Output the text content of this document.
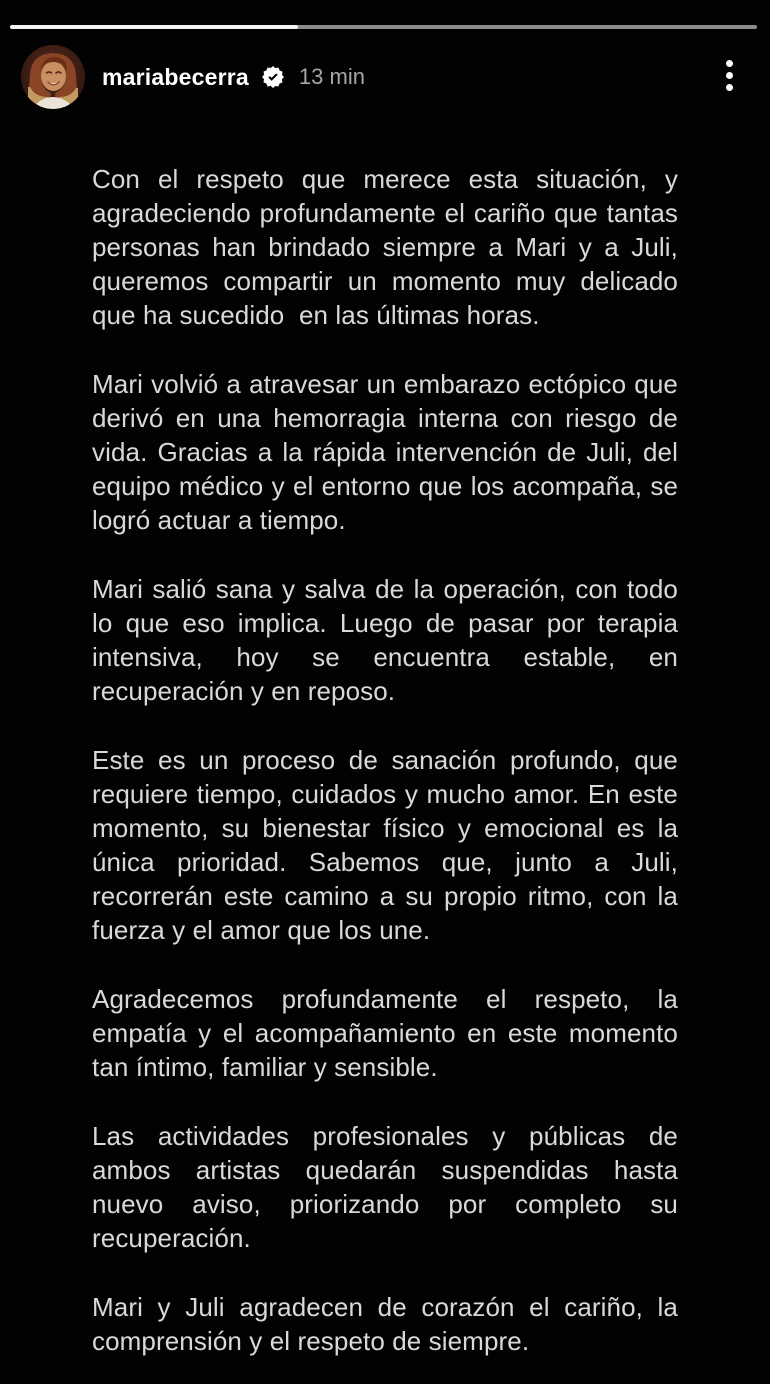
mariabecerra 13 min

Con el respeto que merece esta situación, y agradeciendo profundamente el cariño que tantas personas han brindado siempre a Mari y a Juli, queremos compartir un momento muy delicado que ha sucedido  en las últimas horas.

Mari volvió a atravesar un embarazo ectópico que derivó en una hemorragia interna con riesgo de vida. Gracias a la rápida intervención de Juli, del equipo médico y el entorno que los acompaña, se logró actuar a tiempo.

Mari salió sana y salva de la operación, con todo lo que eso implica. Luego de pasar por terapia intensiva, hoy se encuentra estable, en recuperación y en reposo.

Este es un proceso de sanación profundo, que requiere tiempo, cuidados y mucho amor. En este momento, su bienestar físico y emocional es la única prioridad. Sabemos que, junto a Juli, recorrerán este camino a su propio ritmo, con la fuerza y el amor que los une.

Agradecemos profundamente el respeto, la empatía y el acompañamiento en este momento tan íntimo, familiar y sensible.

Las actividades profesionales y públicas de ambos artistas quedarán suspendidas hasta nuevo aviso, priorizando por completo su recuperación.

Mari y Juli agradecen de corazón el cariño, la comprensión y el respeto de siempre.
